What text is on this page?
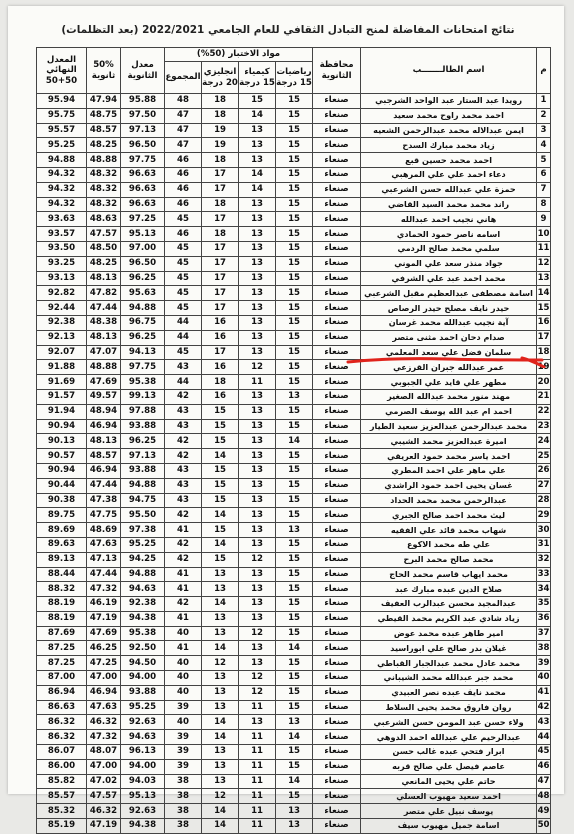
نتائج امتحانات المفاضلة لمنح التبادل الثقافي للعام الجامعي 2022/2021 (بعد التظلمات)
م	اسم الطالـــــــب	محافظة الثانوية	مواد الاختبار (50%)				معدل الثانوية	50% ثانوية	المعدل النهائي 50+50
			رياضيات 15 درجة	كيمياء 15 درجة	انجليزي 20 درجة	المجموع			
1	رويدا عبد الستار عبد الواحد الشرجبي	صنعاء	15	15	18	48	95.88	47.94	95.94
2	احمد محمد راوح محمد سعيد	صنعاء	15	14	18	47	97.50	48.75	95.75
3	ايمن عبدالاله محمد عبدالرحمن الشعيه	صنعاء	15	13	19	47	97.13	48.57	95.57
4	زياد محمد مبارك السدح	صنعاء	15	13	19	47	96.50	48.25	95.25
5	احمد محمد حسين قبع	صنعاء	15	13	18	46	97.75	48.88	94.88
6	دعاء احمد علي علي المرهبي	صنعاء	15	14	17	46	96.63	48.32	94.32
7	حمزة علي عبدالله حسن الشرعبي	صنعاء	15	14	17	46	96.63	48.32	94.32
8	راند محمد محمد السيد القاضي	صنعاء	15	13	18	46	96.63	48.32	94.32
9	هاني نجيب احمد عبدالله	صنعاء	15	13	17	45	97.25	48.63	93.63
10	اسامه ناصر حمود الحمادي	صنعاء	15	13	18	46	95.13	47.57	93.57
11	سلمي محمد صالح الردمي	صنعاء	15	13	17	45	97.00	48.50	93.50
12	جواد منذر سعد علي الموني	صنعاء	15	13	17	45	96.50	48.25	93.25
13	محمد احمد عبد علي الشرفي	صنعاء	15	13	17	45	96.25	48.13	93.13
14	اسامة مصطفى عبدالعظيم مقبل الشرعبي	صنعاء	15	13	17	45	95.63	47.82	92.82
15	حيدر نايف مصلح حيدر الرصاص	صنعاء	15	13	17	45	94.88	47.44	92.44
16	آية نجيب عبدالله محمد غرسان	صنعاء	15	13	16	44	96.75	48.38	92.38
17	صدام دحان احمد مثنى متصر	صنعاء	15	13	16	44	96.25	48.13	92.13
18	سلمان فضل علي سعد المعلمي	صنعاء	15	13	17	45	94.13	47.07	92.07
19	عمر عبدالله جبران القرزعي	صنعاء	15	12	16	43	97.75	48.88	91.88
20	مطهر علي قايد علي الجبوبي	صنعاء	15	11	18	44	95.38	47.69	91.69
21	مهند منور محمد عبدالله الصغير	صنعاء	13	13	16	42	99.13	49.57	91.57
22	احمد ام عبد الله يوسف الصرمي	صنعاء	15	13	15	43	97.88	48.94	91.94
23	محمد عبدالرحمن عبدالعزيز سعيد الطيار	صنعاء	15	13	15	43	93.88	46.94	90.94
24	اميرة عبدالعزيز محمد الشيبي	صنعاء	14	13	15	42	96.25	48.13	90.13
25	احمد ياسر محمد حمود العريقي	صنعاء	15	13	14	42	97.13	48.57	90.57
26	علي ماهر علي احمد المطري	صنعاء	15	13	15	43	93.88	46.94	90.94
27	غسان يحيى احمد حمود الراشدي	صنعاء	15	13	15	43	94.88	47.44	90.44
28	عبدالرحمن محمد محمد الحداد	صنعاء	15	13	15	43	94.75	47.38	90.38
29	ليث محمد احمد صالح الجبري	صنعاء	15	13	14	42	95.50	47.75	89.75
30	شهاب محمد قائد علي الفقيه	صنعاء	13	13	15	41	97.38	48.69	89.69
31	علي طه محمد الاكوع	صنعاء	15	13	14	42	95.25	47.63	89.63
32	محمد صالح محمد البرح	صنعاء	15	12	15	42	94.25	47.13	89.13
33	محمد ايهاب قاسم محمد الحاج	صنعاء	15	13	13	41	94.88	47.44	88.44
34	صلاح الدين عبده مبارك عبد	صنعاء	15	13	13	41	94.63	47.32	88.32
35	عبدالمجيد محسن عبدالرب العفيف	صنعاء	15	13	14	42	92.38	46.19	88.19
36	زياد شادي عبد الكريم محمد القيطي	صنعاء	15	13	13	41	94.38	47.19	88.19
37	امير طاهر عبده محمد عوض	صنعاء	15	12	13	40	95.38	47.69	87.69
38	غيلان بدر صالح علي ابوراسيد	صنعاء	14	13	14	41	92.50	46.25	87.25
39	محمد عادل محمد عبدالجبار القباطي	صنعاء	15	13	12	40	94.50	47.25	87.25
40	محمد جبر عبدالله محمد الشيباني	صنعاء	15	12	13	40	94.00	47.00	87.00
41	محمد نايف عبده نصر العبيدي	صنعاء	15	12	13	40	93.88	46.94	86.94
42	روان فاروق محمد يحيى السلاط	صنعاء	15	11	13	39	95.25	47.63	86.63
43	ولاء حسن عبد المومن حسن الشرعبي	صنعاء	13	13	14	40	92.63	46.32	86.32
44	عبدالرحيم علي عبدالله احمد الدوهي	صنعاء	14	11	14	39	94.63	47.32	86.32
45	ابرار فتحي عبده غالب حسن	صنعاء	15	11	13	39	96.13	48.07	86.07
46	عاصم فيصل علي صالح قربه	صنعاء	15	11	13	39	94.00	47.00	86.00
47	حاتم علي يحيى المانعي	صنعاء	14	11	13	38	94.03	47.02	85.82
48	احمد سعيد مهيوب العسلي	صنعاء	15	11	12	38	95.13	47.57	85.57
49	يوسف نبيل علي متصر	صنعاء	13	11	14	38	92.63	46.32	85.32
50	اسامة جميل مهيوب سيف	صنعاء	13	11	14	38	94.38	47.19	85.19
